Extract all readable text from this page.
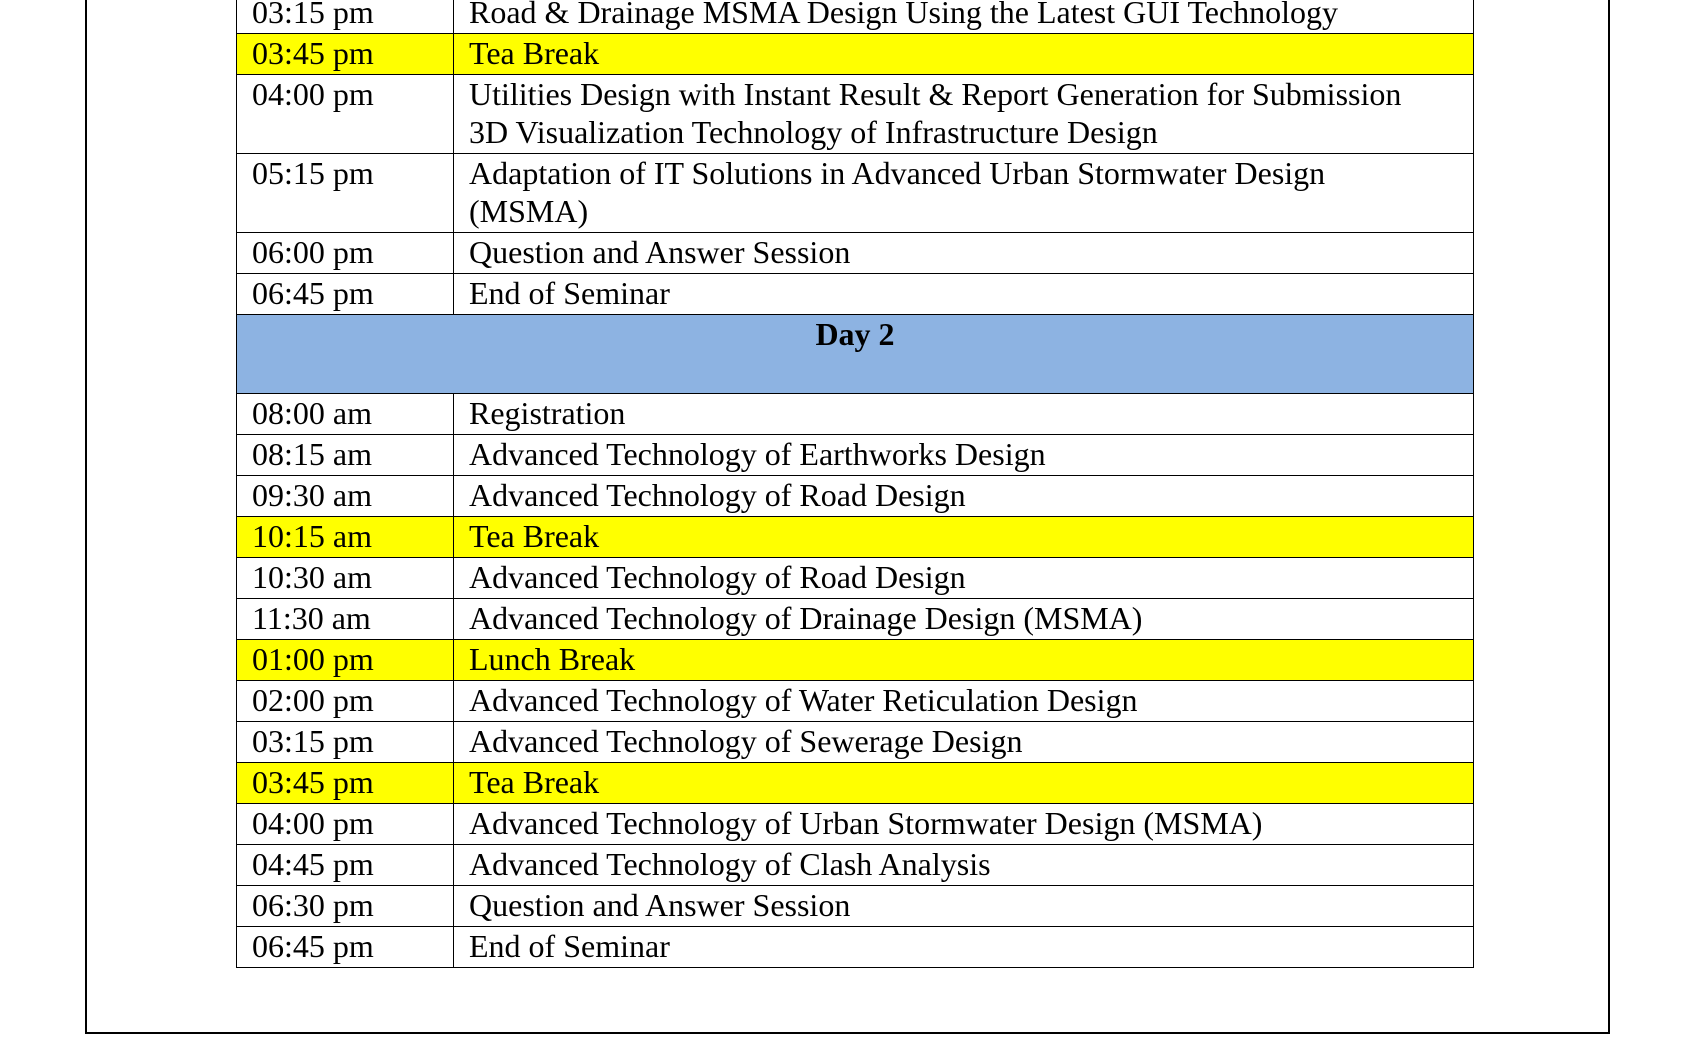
03:15 pm	Road & Drainage MSMA Design Using the Latest GUI Technology

03:45 pm	Tea Break

04:00 pm	Utilities Design with Instant Result & Report Generation for Submission
3D Visualization Technology of Infrastructure Design

05:15 pm	Adaptation of IT Solutions in Advanced Urban Stormwater Design
(MSMA)

06:00 pm	Question and Answer Session

06:45 pm	End of Seminar

Day 2	
08:00 am	Registration

08:15 am	Advanced Technology of Earthworks Design

09:30 am	Advanced Technology of Road Design

10:15 am	Tea Break

10:30 am	Advanced Technology of Road Design

11:30 am	Advanced Technology of Drainage Design (MSMA)

01:00 pm	Lunch Break

02:00 pm	Advanced Technology of Water Reticulation Design

03:15 pm	Advanced Technology of Sewerage Design

03:45 pm	Tea Break

04:00 pm	Advanced Technology of Urban Stormwater Design (MSMA)

04:45 pm	Advanced Technology of Clash Analysis

06:30 pm	Question and Answer Session

06:45 pm	End of Seminar
